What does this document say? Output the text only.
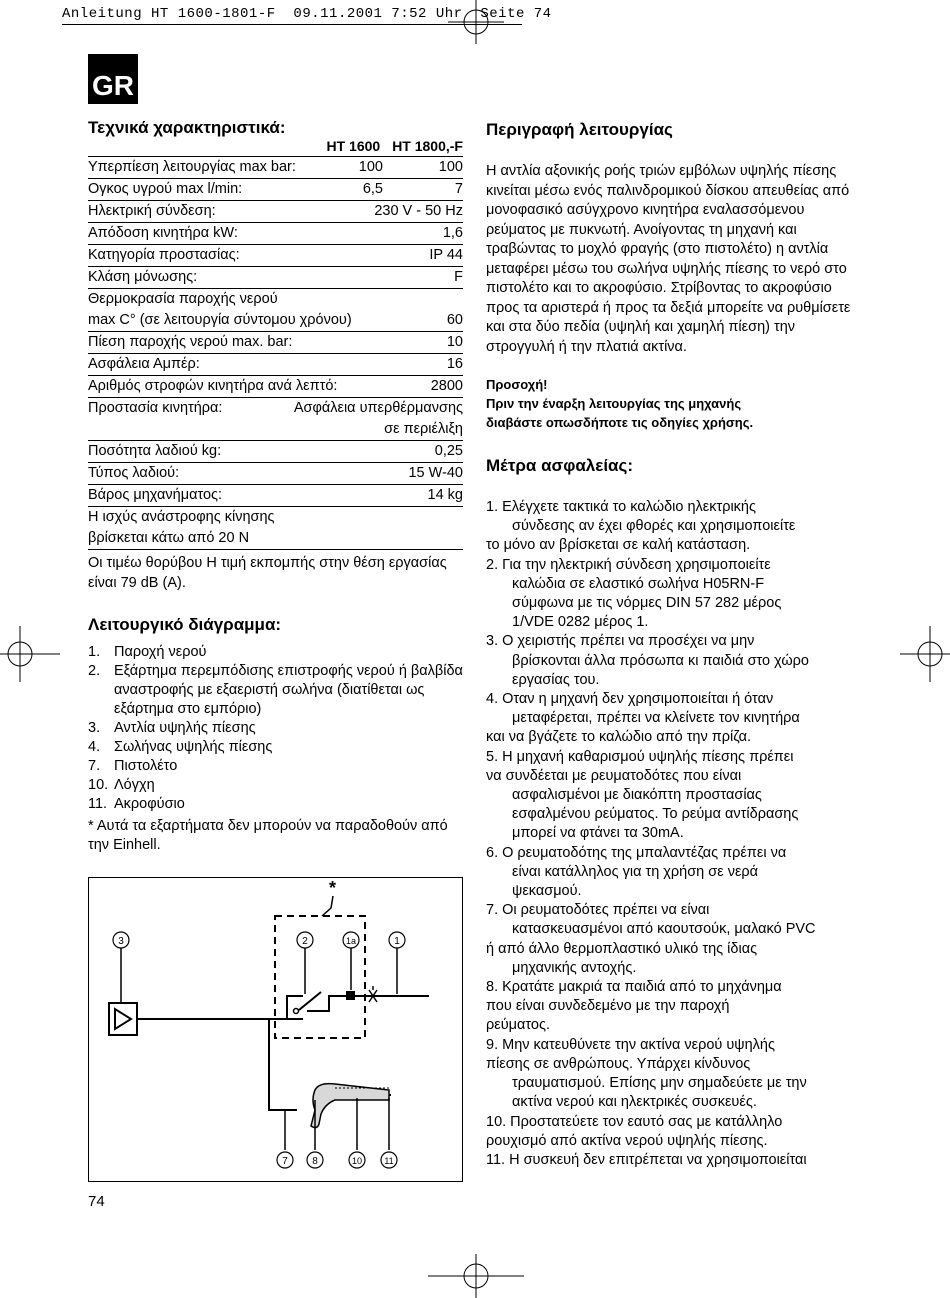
Anleitung HT 1600-1801-F  09.11.2001 7:52 Uhr  Seite 74
GR
Τεχνικά χαρακτηριστικά:
HT 1600 HT 1800,-F
Υπερπίεση λειτουργίας max bar:	100	100
Ογκος υγρού max l/min:	6,5	7
Ηλεκτρική σύνδεση:	230 V - 50 Hz
Απόδοση κινητήρα kW:	1,6
Κατηγορία προστασίας:	IP 44
Κλάση μόνωσης:	F
Θερμοκρασία παροχής νερού
max C° (σε λειτουργία σύντομου χρόνου)	60
Πίεση παροχής νερού max. bar:	10
Ασφάλεια Αμπέρ:	16
Αριθμός στροφών κινητήρα ανά λεπτό:	2800
Προστασία κινητήρα:	Ασφάλεια υπερθέρμανσης
σε περιέλιξη
Ποσότητα λαδιού kg:	0,25
Τύπος λαδιού:	15 W-40
Βάρος μηχανήματος:	14 kg
Η ισχύς ανάστροφης κίνησης
βρίσκεται κάτω από 20 N
Οι τιμέω θορύβου Η τιμή εκπομπής στην θέση εργασίας είναι 79 dB (A).
Λειτουργικό διάγραμμα:
1. Παροχή νερού
2. Εξάρτημα περεμπόδισης επιστροφής νερού ή βαλβίδα αναστροφής με εξαεριστή σωλήνα (διατίθεται ως εξάρτημα στο εμπόριο)
3. Αντλία υψηλής πίεσης
4. Σωλήνας υψηλής πίεσης
7. Πιστολέτο
10. Λόγχη
11. Ακροφύσιο
* Αυτά τα εξαρτήματα δεν μπορούν να παραδοθούν από την Einhell.
*
3	2	1a	1
7 8	10 11
Περιγραφή λειτουργίας
Η αντλία αξονικής ροής τριών εμβόλων υψηλής πίεσης κινείται μέσω ενός παλινδρομικού δίσκου απευθείας από μονοφασικό ασύγχρονο κινητήρα εναλασσόμενου ρεύματος με πυκνωτή. Ανοίγοντας τη μηχανή και τραβώντας το μοχλό φραγής (στο πιστολέτο) η αντλία μεταφέρει μέσω του σωλήνα υψηλής πίεσης το νερό στο πιστολέτο και το ακροφύσιο. Στρίβοντας το ακροφύσιο προς τα αριστερά ή προς τα δεξιά μπορείτε να ρυθμίσετε και στα δύο πεδία (υψηλή και χαμηλή πίεση) την στρογγυλή ή την πλατιά ακτίνα.
Προσοχή!
Πριν την έναρξη λειτουργίας της μηχανής
διαβάστε οπωσδήποτε τις οδηγίες χρήσης.
Μέτρα ασφαλείας:
1. Ελέγχετε τακτικά το καλώδιο ηλεκτρικής
σύνδεσης αν έχει φθορές και χρησιμοποιείτε
το μόνο αν βρίσκεται σε καλή κατάσταση.
2. Για την ηλεκτρική σύνδεση χρησιμοποιείτε
καλώδια σε ελαστικό σωλήνα H05RN-F
σύμφωνα με τις νόρμες DIN 57 282 μέρος
1/VDE 0282 μέρος 1.
3. Ο χειριστής πρέπει να προσέχει να μην
βρίσκονται άλλα πρόσωπα κι παιδιά στο χώρο
εργασίας του.
4. Οταν η μηχανή δεν χρησιμοποιείται ή όταν
μεταφέρεται, πρέπει να κλείνετε τον κινητήρα
και να βγάζετε το καλώδιο από την πρίζα.
5. Η μηχανή καθαρισμού υψηλής πίεσης πρέπει
να συνδέεται με ρευματοδότες που είναι
ασφαλισμένοι με διακόπτη προστασίας
εσφαλμένου ρεύματος. Το ρεύμα αντίδρασης
μπορεί να φτάνει τα 30mA.
6. Ο ρευματοδότης της μπαλαντέζας πρέπει να
είναι κατάλληλος για τη χρήση σε νερά
ψεκασμού.
7. Οι ρευματοδότες πρέπει να είναι
κατασκευασμένοι από καουτσούκ, μαλακό PVC
ή από άλλο θερμοπλαστικό υλικό της ίδιας
μηχανικής αντοχής.
8. Κρατάτε μακριά τα παιδιά από το μηχάνημα
που είναι συνδεδεμένο με την παροχή
ρεύματος.
9. Μην κατευθύνετε την ακτίνα νερού υψηλής
πίεσης σε ανθρώπους. Υπάρχει κίνδυνος
τραυματισμού. Επίσης μην σημαδεύετε με την
ακτίνα νερού και ηλεκτρικές συσκευές.
10. Προστατεύετε τον εαυτό σας με κατάλληλο
ρουχισμό από ακτίνα νερού υψηλής πίεσης.
11. Η συσκευή δεν επιτρέπεται να χρησιμοποιείται
74
